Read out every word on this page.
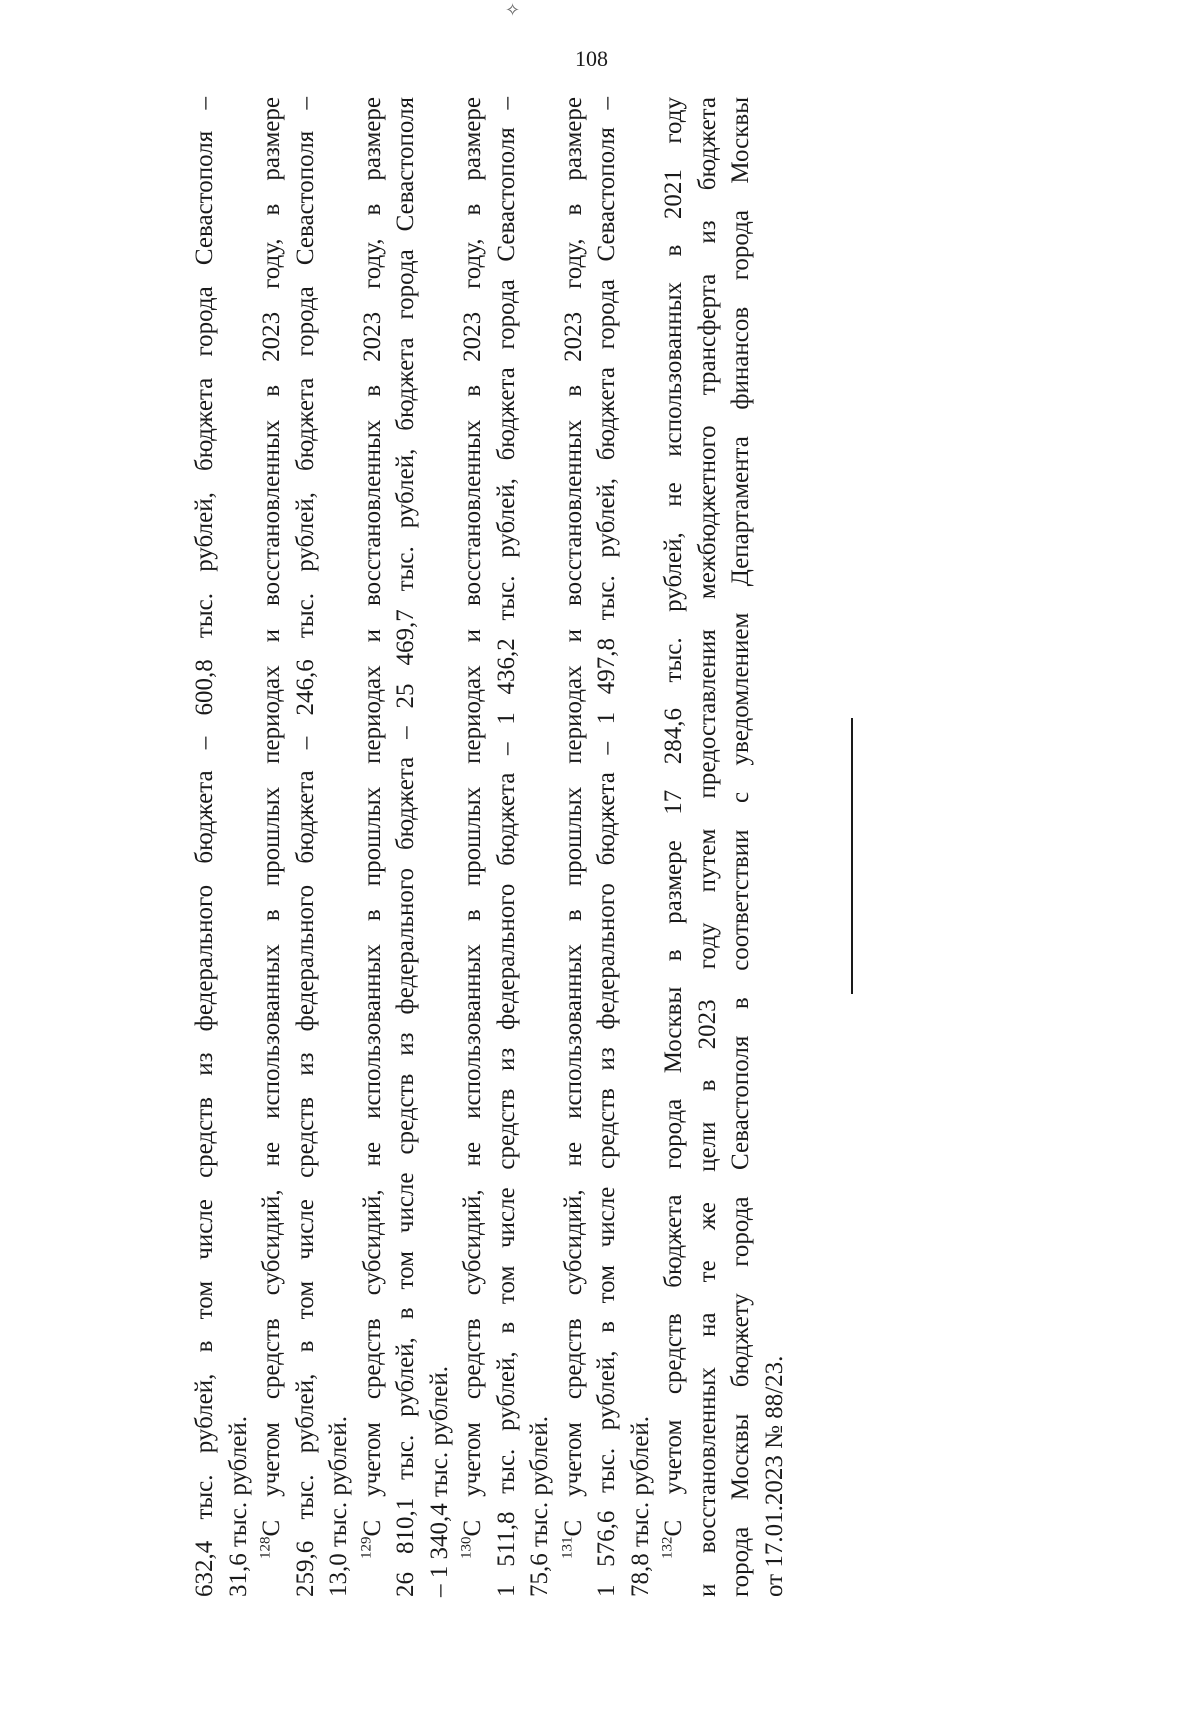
✧
108
632,4 тыс. рублей, в том числе средств из федерального бюджета – 600,8 тыс. рублей, бюджета города Севастополя – 31,6 тыс. рублей. $^{128}$С учетом средств субсидий, не использованных в прошлых периодах и восстановленных в 2023 году, в размере 259,6 тыс. рублей, в том числе средств из федерального бюджета – 246,6 тыс. рублей, бюджета города Севастополя – 13,0 тыс. рублей. $^{129}$С учетом средств субсидий, не использованных в прошлых периодах и восстановленных в 2023 году, в размере 26 810,1 тыс. рублей, в том числе средств из федерального бюджета – 25 469,7 тыс. рублей, бюджета города Севастополя – 1 340,4 тыс. рублей. $^{130}$С учетом средств субсидий, не использованных в прошлых периодах и восстановленных в 2023 году, в размере 1 511,8 тыс. рублей, в том числе средств из федерального бюджета – 1 436,2 тыс. рублей, бюджета города Севастополя – 75,6 тыс. рублей. $^{131}$С учетом средств субсидий, не использованных в прошлых периодах и восстановленных в 2023 году, в размере 1 576,6 тыс. рублей, в том числе средств из федерального бюджета – 1 497,8 тыс. рублей, бюджета города Севастополя – 78,8 тыс. рублей. $^{132}$С учетом средств бюджета города Москвы в размере 17 284,6 тыс. рублей, не использованных в 2021 году и восстановленных на те же цели в 2023 году путем предоставления межбюджетного трансферта из бюджета города Москвы бюджету города Севастополя в соответствии с уведомлением Департамента финансов города Москвы от 17.01.2023 № 88/23.
